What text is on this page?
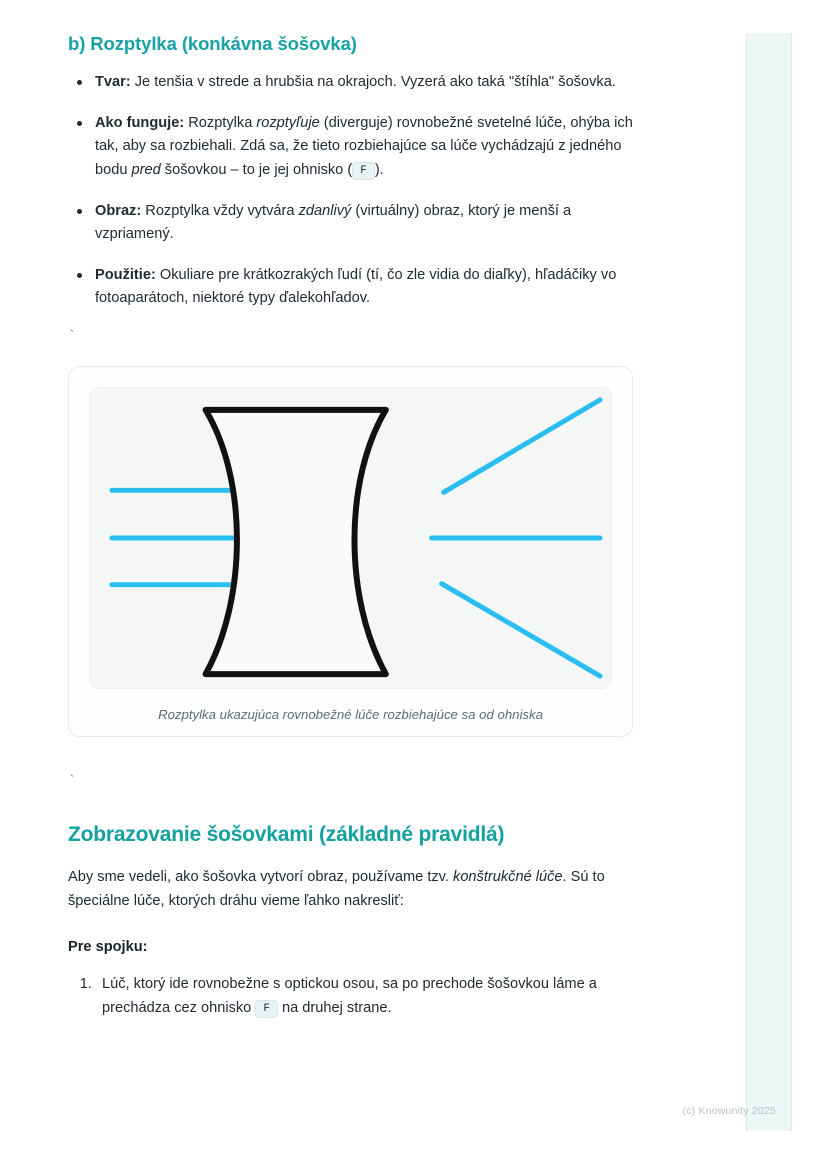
b) Rozptylka (konkávna šošovka)
Tvar: Je tenšia v strede a hrubšia na okrajoch. Vyzerá ako taká "štíhla" šošovka.
Ako funguje: Rozptylka rozptyľuje (diverguje) rovnobežné svetelné lúče, ohýba ich tak, aby sa rozbiehali. Zdá sa, že tieto rozbiehajúce sa lúče vychádzajú z jedného bodu pred šošovkou – to je jej ohnisko ( F ).
Obraz: Rozptylka vždy vytvára zdanlivý (virtuálny) obraz, ktorý je menší a vzpriamený.
Použitie: Okuliare pre krátkozrakých ľudí (tí, čo zle vidia do diaľky), hľadáčiky vo fotoaparátoch, niektoré typy ďalekohľadov.
`
Rozptylka ukazujúca rovnobežné lúče rozbiehajúce sa od ohniska
`
Zobrazovanie šošovkami (základné pravidlá)

Aby sme vedeli, ako šošovka vytvorí obraz, používame tzv. konštrukčné lúče. Sú to špeciálne lúče, ktorých dráhu vieme ľahko nakresliť:

Pre spojku:

1. Lúč, ktorý ide rovnobežne s optickou osou, sa po prechode šošovkou láme a prechádza cez ohnisko F na druhej strane.
(c) Knowunity 2025
